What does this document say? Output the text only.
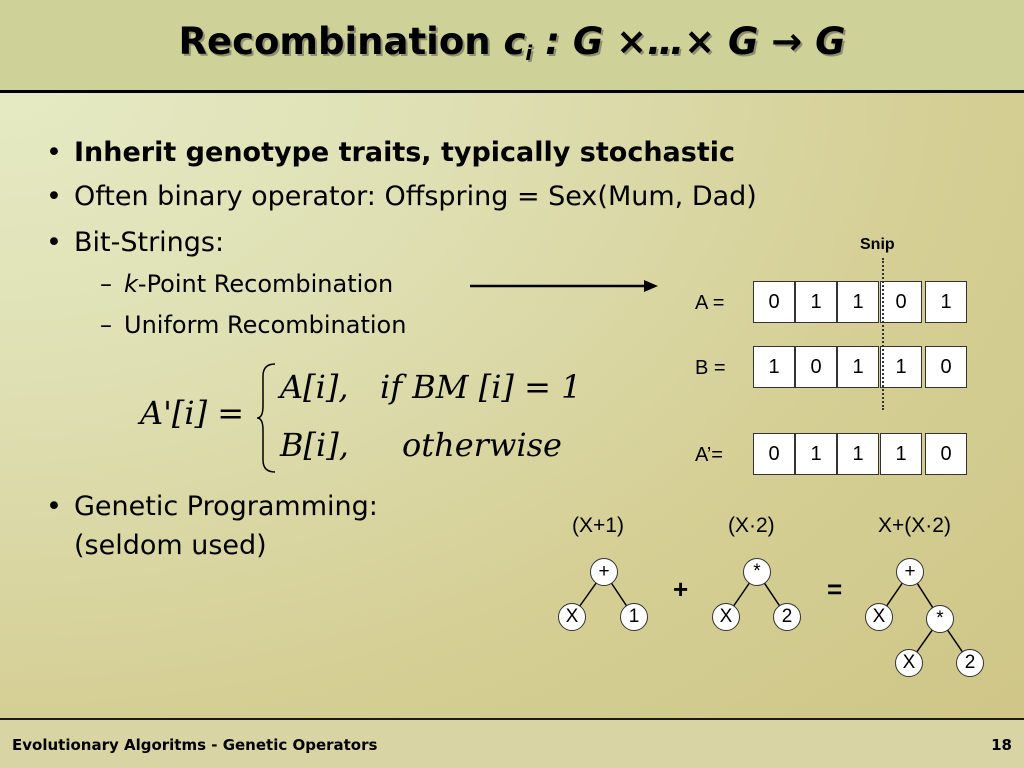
Recombination $c_i$ : G ×…× G → G
• Inherit genotype traits, typically stochastic
• Often binary operator: Offspring = Sex(Mum, Dad)
• Bit-Strings:
– k-Point Recombination
– Uniform Recombination
• Genetic Programming:
(seldom used)
A'[i] =
A[i], if BM [i] = 1
B[i], otherwise
Snip
A =	0	1	1	0	1
B =	1	0	1	1	0
A’=	0	1	1	1	0
(X+1)	(X·2)	X+(X·2)
+
X	1
+
*
X	2
=
+
X	*
X	2
Evolutionary Algoritms - Genetic Operators	18
